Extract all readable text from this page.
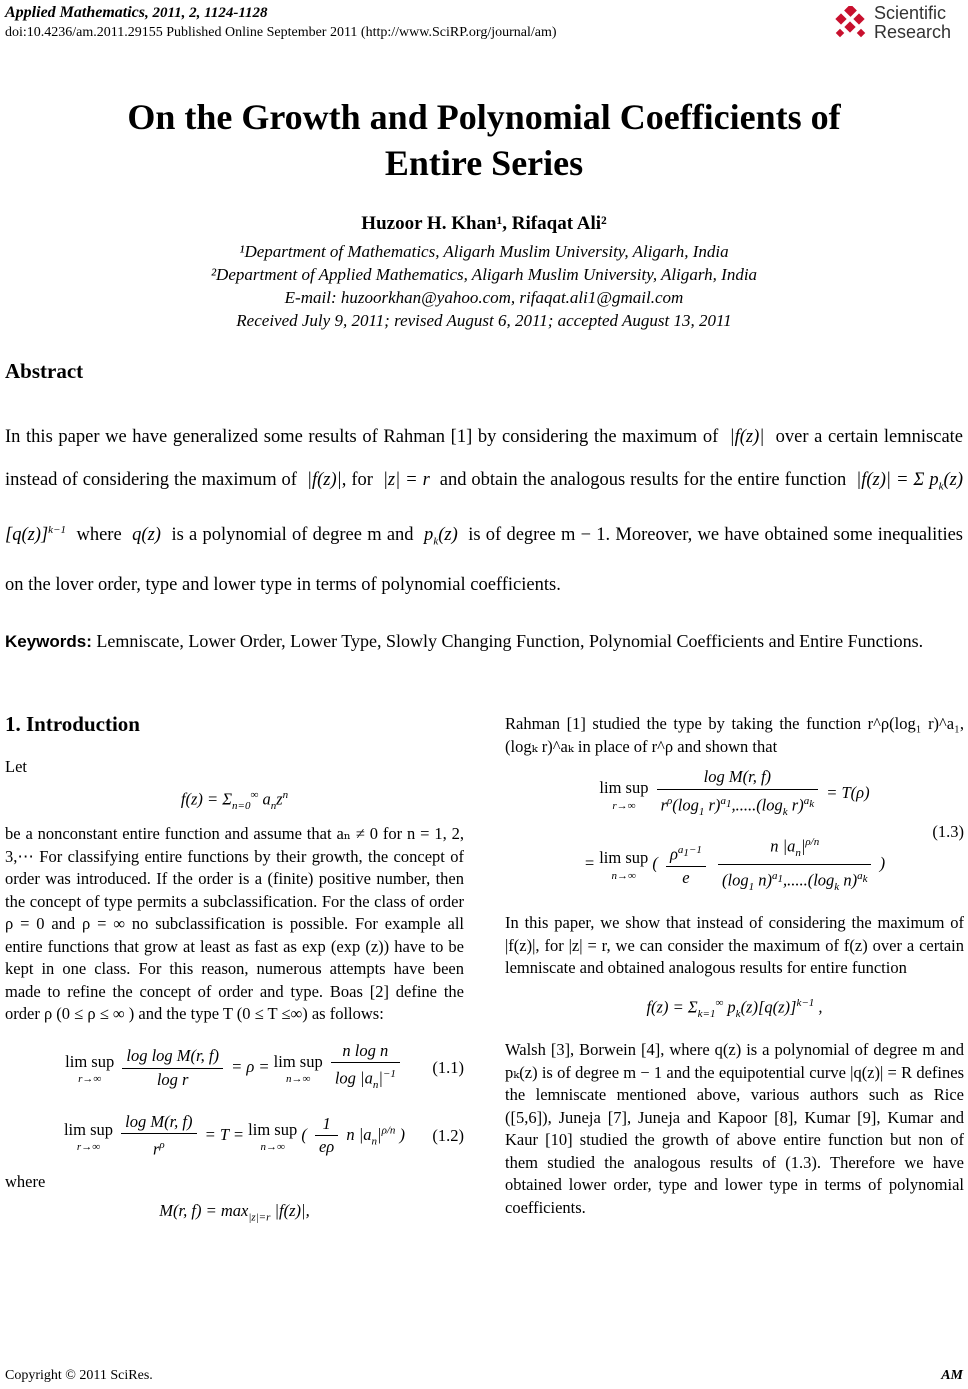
Applied Mathematics, 2011, 2, 1124-1128
doi:10.4236/am.2011.29155 Published Online September 2011 (http://www.SciRP.org/journal/am)
Scientific
Research
On the Growth and Polynomial Coefficients of
Entire Series
Huzoor H. Khan¹, Rifaqat Ali²
¹Department of Mathematics, Aligarh Muslim University, Aligarh, India
²Department of Applied Mathematics, Aligarh Muslim University, Aligarh, India
E-mail: huzoorkhan@yahoo.com, rifaqat.ali1@gmail.com
Received July 9, 2011; revised August 6, 2011; accepted August 13, 2011
Abstract
In this paper we have generalized some results of Rahman [1] by considering the maximum of  |f(z)|  over a certain lemniscate instead of considering the maximum of  |f(z)|, for  |z| = r  and obtain the analogous results for the entire function  |f(z)| = Σ $p_k(z)[q(z)]^{k-1}$ where  q(z)  is a polynomial of degree m and  $p_k(z)$  is of degree m − 1. Moreover, we have obtained some inequalities on the lover order, type and lower type in terms of polynomial coefficients.
Keywords: Lemniscate, Lower Order, Lower Type, Slowly Changing Function, Polynomial Coefficients and Entire Functions.
1. Introduction
Let
$f(z) = \Sigma_{n=0}^\infty$ $a_nz^n$
be a nonconstant entire function and assume that aₙ ≠ 0 for n = 1, 2, 3,⋯ For classifying entire functions by their growth, the concept of order was introduced. If the order is a (finite) positive number, then the concept of type permits a subclassification. For the class of order ρ = 0 and ρ = ∞ no subclassification is possible. For example all entire functions that grow at least as fast as exp (exp (z)) have to be kept in one class. For this reason, numerous attempts have been made to refine the concept of order and type. Boas [2] define the order ρ (0 ≤ ρ ≤ ∞ ) and the type T (0 ≤ T ≤∞) as follows:
lim sup
r→∞
	$\frac{\text{log log M(r, f)}}{\text{log r}} = \rho = \lim$ sup
n→∞
	$\frac{\text{n log n}}{\log |a_n|^{-1}} (1.1)$
lim sup
r→∞
	$\frac{\text{log M(r, f)}}{r^\rho} = T = \lim$ sup
n→∞
( $\frac{1}{e\rho}$ n $|a_n|^{\rho/n}$ ) (1.2)
where
M(r, $f) = \max_{|z|=r} |f(z)|$,
Rahman [1] studied the type by taking the function r^ρ(log₁ r)^a₁, (logₖ r)^aₖ in place of r^ρ and shown that
lim sup
r→∞
	$\frac{\text{log M(r, f)}}{r^\rho(\log_1 r)^{a_1},.....(\log_k r)^{a_k}} = T(\rho)$
= lim sup
n→∞
( $\frac{\rho^{a_1-1}}{e}$
$\frac{n |a_n|^{\rho/n}}{(\log_1 n)^{a_1},.....(\log_k n)^{a_k}}$ )
(1.3)
In this paper, we show that instead of considering the maximum of |f(z)|, for |z| = r, we can consider the maximum of f(z) over a certain lemniscate and obtained analogous results for entire function
$f(z) = \Sigma_{k=1}^\infty$ $p_k(z)[q(z)]^{k-1}$ ,
Walsh [3], Borwein [4], where q(z) is a polynomial of degree m and pₖ(z) is of degree m − 1 and the equipotential curve |q(z)| = R defines the lemniscate mentioned above, various authors such as Rice ([5,6]), Juneja [7], Juneja and Kapoor [8], Kumar [9], Kumar and Kaur [10] studied the growth of above entire function but non of them studied the analogous results of (1.3). Therefore we have obtained lower order, type and lower type in terms of polynomial coefficients.
Copyright © 2011 SciRes.	AM
